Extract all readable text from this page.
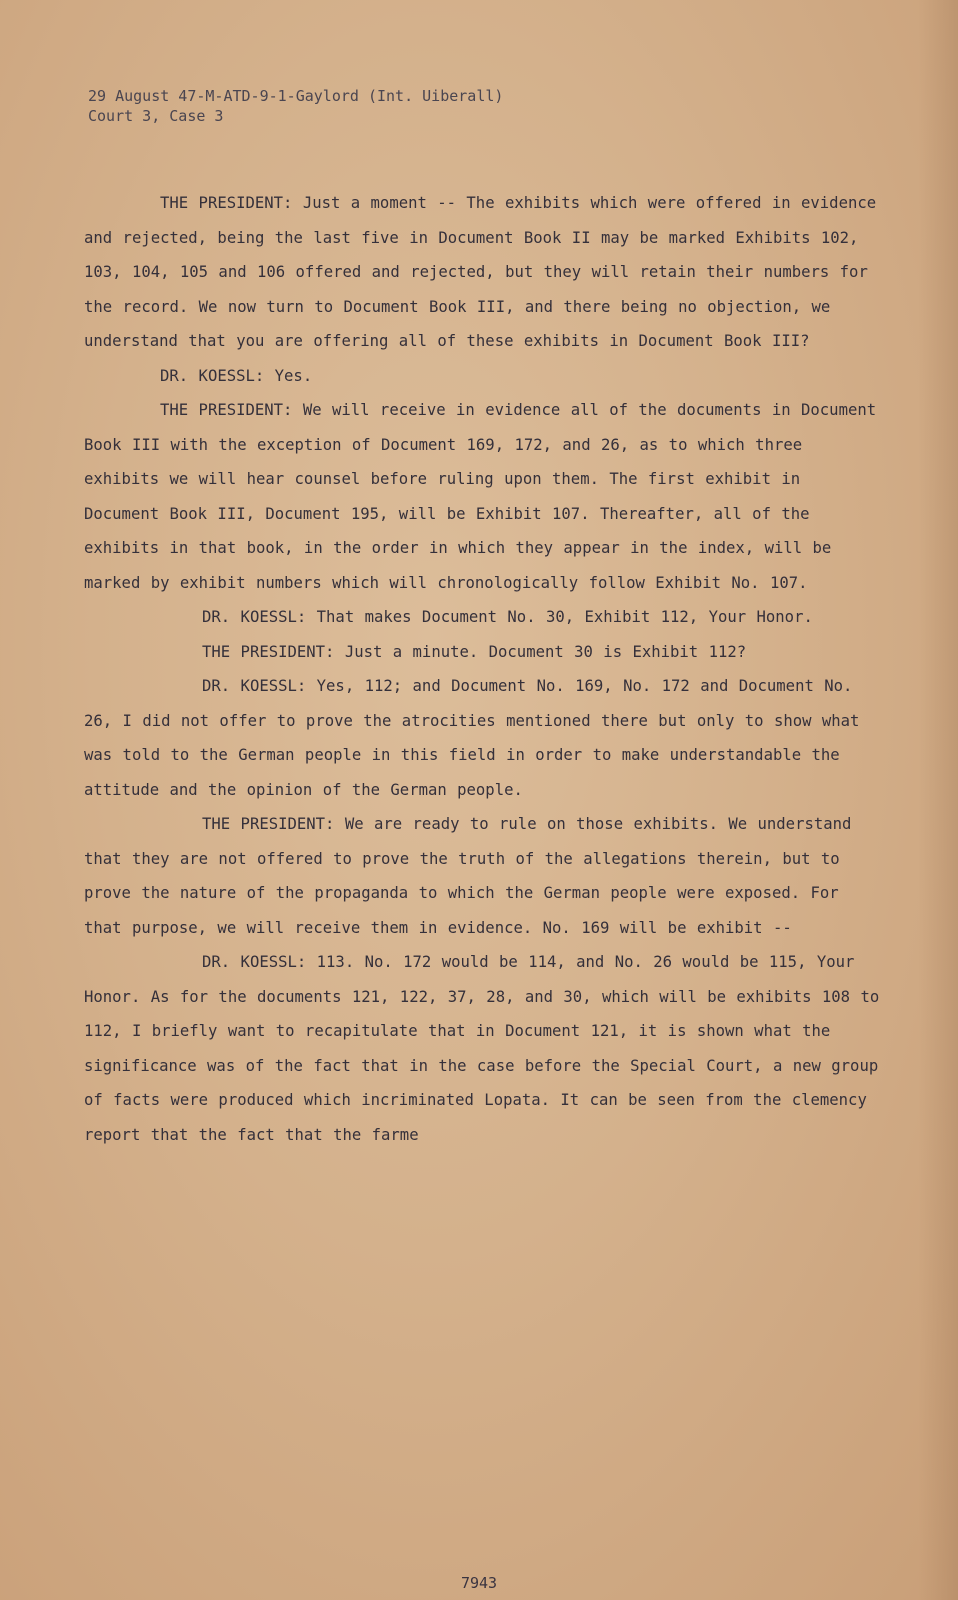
29 August 47-M-ATD-9-1-Gaylord (Int. Uiberall)
Court 3, Case 3

THE PRESIDENT: Just a moment -- The exhibits which were offered in evidence and rejected, being the last five in Document Book II may be marked Exhibits 102, 103, 104, 105 and 106 offered and rejected, but they will retain their numbers for the record. We now turn to Document Book III, and there being no objection, we understand that you are offering all of these exhibits in Document Book III?

DR. KOESSL: Yes.

THE PRESIDENT: We will receive in evidence all of the documents in Document Book III with the exception of Document 169, 172, and 26, as to which three exhibits we will hear counsel before ruling upon them. The first exhibit in Document Book III, Document 195, will be Exhibit 107. Thereafter, all of the exhibits in that book, in the order in which they appear in the index, will be marked by exhibit numbers which will chronologically follow Exhibit No. 107.

DR. KOESSL: That makes Document No. 30, Exhibit 112, Your Honor.

THE PRESIDENT: Just a minute. Document 30 is Exhibit 112?

DR. KOESSL: Yes, 112; and Document No. 169, No. 172 and Document No. 26, I did not offer to prove the atrocities mentioned there but only to show what was told to the German people in this field in order to make understandable the attitude and the opinion of the German people.

THE PRESIDENT: We are ready to rule on those exhibits. We understand that they are not offered to prove the truth of the allegations therein, but to prove the nature of the propaganda to which the German people were exposed. For that purpose, we will receive them in evidence. No. 169 will be exhibit --

DR. KOESSL: 113. No. 172 would be 114, and No. 26 would be 115, Your Honor. As for the documents 121, 122, 37, 28, and 30, which will be exhibits 108 to 112, I briefly want to recapitulate that in Document 121, it is shown what the significance was of the fact that in the case before the Special Court, a new group of facts were produced which incriminated Lopata. It can be seen from the clemency report that the fact that the farme

7943
